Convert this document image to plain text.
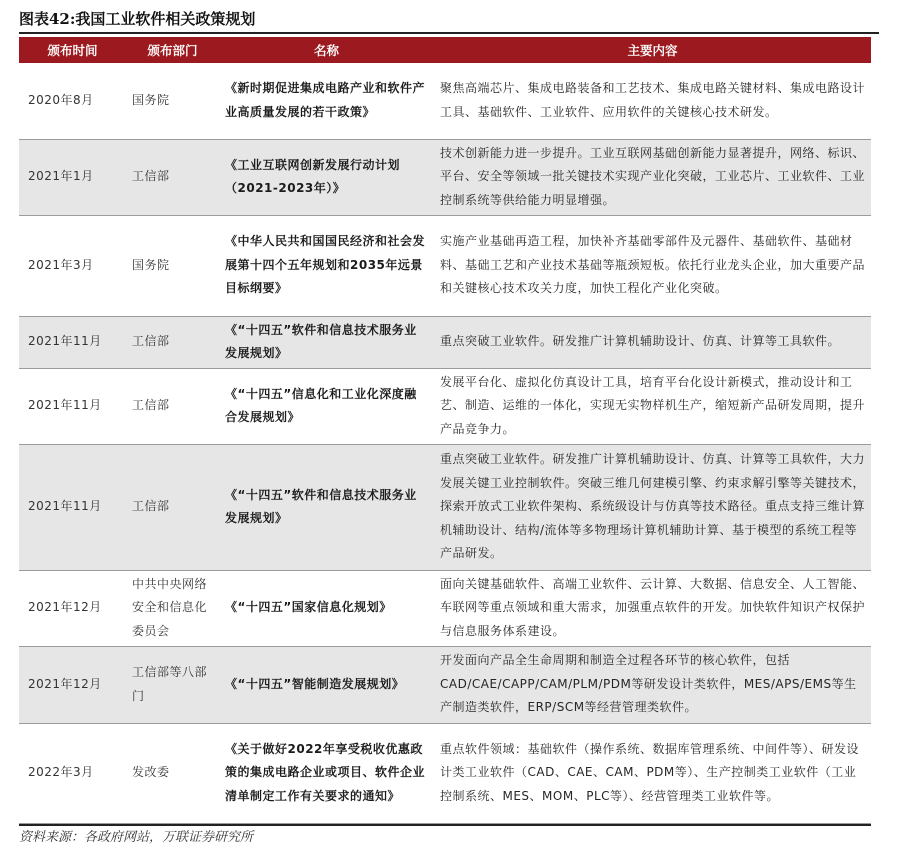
图表42:我国工业软件相关政策规划
颁布时间	颁布部门	名称	主要内容
2020年8月	国务院	《新时期促进集成电路产业和软件产业高质量发展的若干政策》	聚焦高端芯片、集成电路装备和工艺技术、集成电路关键材料、集成电路设计工具、基础软件、工业软件、应用软件的关键核心技术研发。
2021年1月	工信部	《工业互联网创新发展行动计划（2021-2023年）》	技术创新能力进一步提升。工业互联网基础创新能力显著提升，网络、标识、平台、安全等领域一批关键技术实现产业化突破，工业芯片、工业软件、工业控制系统等供给能力明显增强。
2021年3月	国务院	《中华人民共和国国民经济和社会发展第十四个五年规划和2035年远景目标纲要》	实施产业基础再造工程，加快补齐基础零部件及元器件、基础软件、基础材料、基础工艺和产业技术基础等瓶颈短板。依托行业龙头企业，加大重要产品和关键核心技术攻关力度，加快工程化产业化突破。
2021年11月	工信部	《“十四五”软件和信息技术服务业发展规划》	重点突破工业软件。研发推广计算机辅助设计、仿真、计算等工具软件。
2021年11月	工信部	《“十四五”信息化和工业化深度融合发展规划》	发展平台化、虚拟化仿真设计工具，培育平台化设计新模式，推动设计和工艺、制造、运维的一体化，实现无实物样机生产，缩短新产品研发周期，提升产品竞争力。
2021年11月	工信部	《“十四五”软件和信息技术服务业发展规划》	重点突破工业软件。研发推广计算机辅助设计、仿真、计算等工具软件，大力发展关键工业控制软件。突破三维几何建模引擎、约束求解引擎等关键技术，探索开放式工业软件架构、系统级设计与仿真等技术路径。重点支持三维计算机辅助设计、结构/流体等多物理场计算机辅助计算、基于模型的系统工程等产品研发。
2021年12月	中共中央网络安全和信息化委员会	《“十四五”国家信息化规划》	面向关键基础软件、高端工业软件、云计算、大数据、信息安全、人工智能、车联网等重点领域和重大需求，加强重点软件的开发。加快软件知识产权保护与信息服务体系建设。
2021年12月	工信部等八部门	《“十四五”智能制造发展规划》	开发面向产品全生命周期和制造全过程各环节的核心软件，包括CAD/CAE/CAPP/CAM/PLM/PDM等研发设计类软件，MES/APS/EMS等生产制造类软件，ERP/SCM等经营管理类软件。
2022年3月	发改委	《关于做好2022年享受税收优惠政策的集成电路企业或项目、软件企业清单制定工作有关要求的通知》	重点软件领域：基础软件（操作系统、数据库管理系统、中间件等）、研发设计类工业软件（CAD、CAE、CAM、PDM等）、生产控制类工业软件（工业控制系统、MES、MOM、PLC等）、经营管理类工业软件等。
资料来源：各政府网站，万联证券研究所
